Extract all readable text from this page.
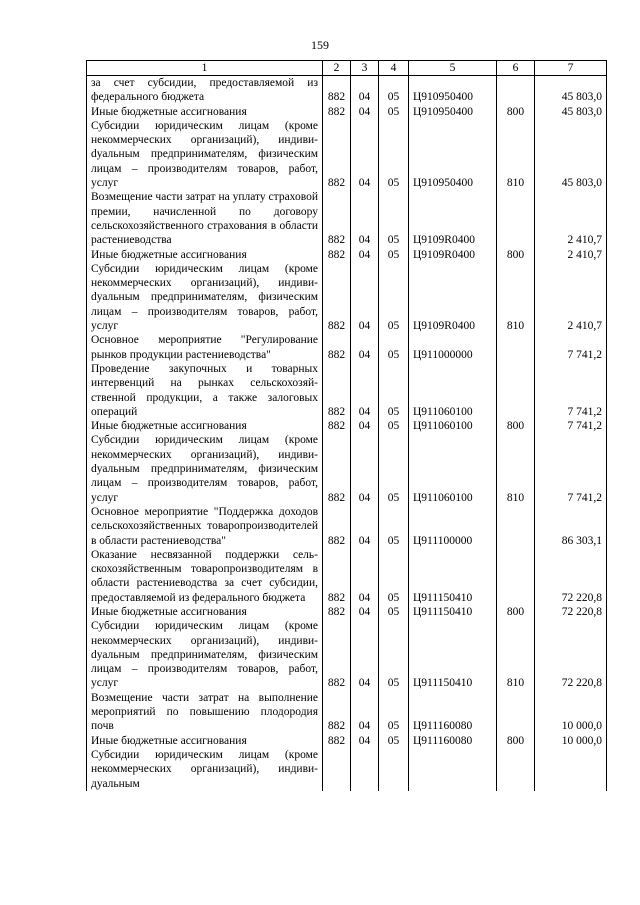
159
1	2	3	4	5	6	7
за счет субсидии, предоставляемой из федерального бюджета	882	04	05	Ц910950400		45 803,0
Иные бюджетные ассигнования	882	04	05	Ц910950400	800	45 803,0
Субсидии юридическим лицам (кроме некоммерческих организаций), индивиdуальным предпринимателям, физическим лицам – производителям товаров, работ, услуг	882	04	05	Ц910950400	810	45 803,0
Возмещение части затрат на уплату страховой премии, начисленной по договору сельскохозяйственного страхования в области растениеводства	882	04	05	Ц9109R0400		2 410,7
Иные бюджетные ассигнования	882	04	05	Ц9109R0400	800	2 410,7
Субсидии юридическим лицам (кроме некоммерческих организаций), индивиdуальным предпринимателям, физическим лицам – производителям товаров, работ, услуг	882	04	05	Ц9109R0400	810	2 410,7
Основное мероприятие "Регулирование рынков продукции растениеводства"	882	04	05	Ц911000000		7 741,2
Проведение закупочных и товарных интервенций на рынках сельскохозяйственной продукции, а также залоговых операций	882	04	05	Ц911060100		7 741,2
Иные бюджетные ассигнования	882	04	05	Ц911060100	800	7 741,2
Субсидии юридическим лицам (кроме некоммерческих организаций), индивиdуальным предпринимателям, физическим лицам – производителям товаров, работ, услуг	882	04	05	Ц911060100	810	7 741,2
Основное мероприятие "Поддержка доходов сельскохозяйственных товаропроизводителей в области растениеводства"	882	04	05	Ц911100000		86 303,1
Оказание несвязанной поддержки сельскохозяйственным товаропроизводителям в области растениеводства за счет субсидии, предоставляемой из федерального бюджета	882	04	05	Ц911150410		72 220,8
Иные бюджетные ассигнования	882	04	05	Ц911150410	800	72 220,8
Субсидии юридическим лицам (кроме некоммерческих организаций), индивиdуальным предпринимателям, физическим лицам – производителям товаров, работ, услуг	882	04	05	Ц911150410	810	72 220,8
Возмещение части затрат на выполнение мероприятий по повышению плодородия почв	882	04	05	Ц911160080		10 000,0
Иные бюджетные ассигнования	882	04	05	Ц911160080	800	10 000,0
Субсидии юридическим лицам (кроме некоммерческих организаций), индивидуальным						
